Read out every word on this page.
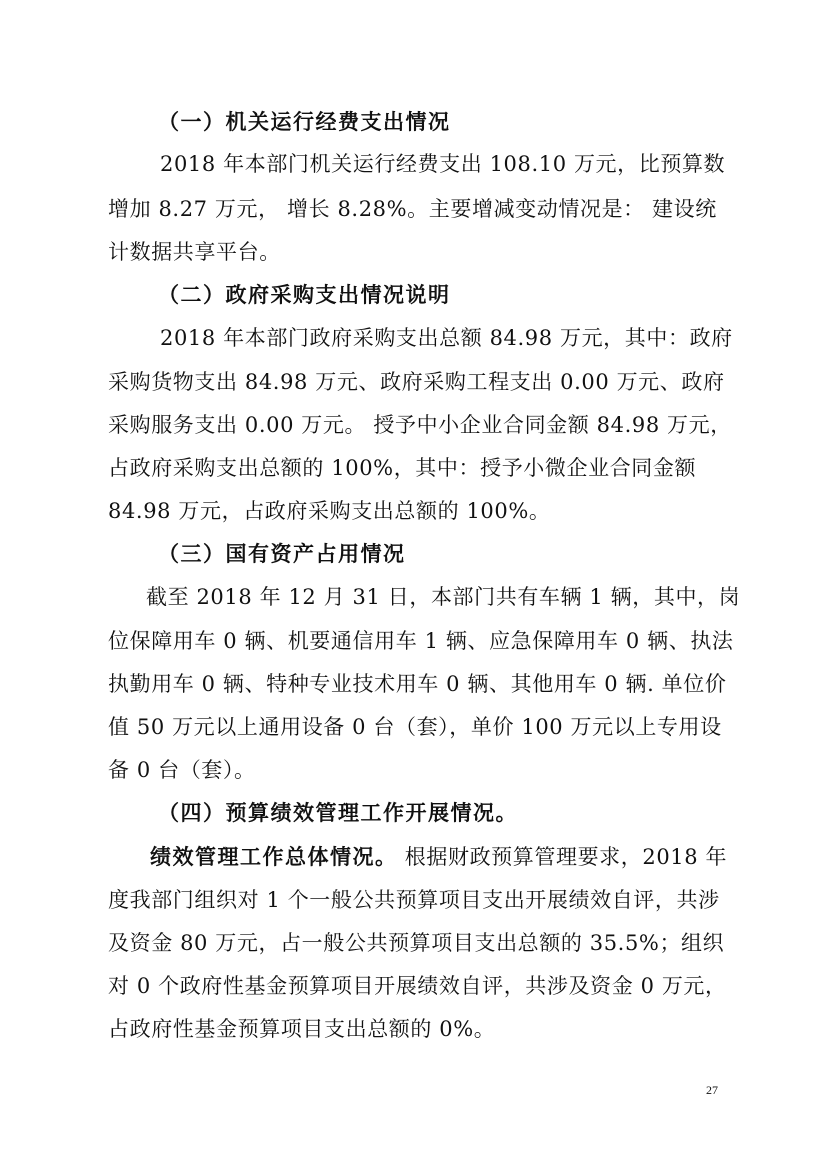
（一）机关运行经费支出情况
2018 年本部门机关运行经费支出 108.10 万元，比预算数
增加 8.27 万元， 增长 8.28%。主要增减变动情况是： 建设统
计数据共享平台。
（二）政府采购支出情况说明
2018 年本部门政府采购支出总额 84.98 万元，其中：政府
采购货物支出 84.98 万元、政府采购工程支出 0.00 万元、政府
采购服务支出 0.00 万元。 授予中小企业合同金额 84.98 万元，
占政府采购支出总额的 100%，其中：授予小微企业合同金额
84.98 万元，占政府采购支出总额的 100%。
（三）国有资产占用情况
截至 2018 年 12 月 31 日，本部门共有车辆 1 辆，其中，岗
位保障用车 0 辆、机要通信用车 1 辆、应急保障用车 0 辆、执法
执勤用车 0 辆、特种专业技术用车 0 辆、其他用车 0 辆. 单位价
值 50 万元以上通用设备 0 台（套），单价 100 万元以上专用设
备 0 台（套）。
（四）预算绩效管理工作开展情况。
绩效管理工作总体情况。 根据财政预算管理要求，2018 年
度我部门组织对 1 个一般公共预算项目支出开展绩效自评，共涉
及资金 80 万元，占一般公共预算项目支出总额的 35.5%；组织
对 0 个政府性基金预算项目开展绩效自评，共涉及资金 0 万元，
占政府性基金预算项目支出总额的 0%。
27
